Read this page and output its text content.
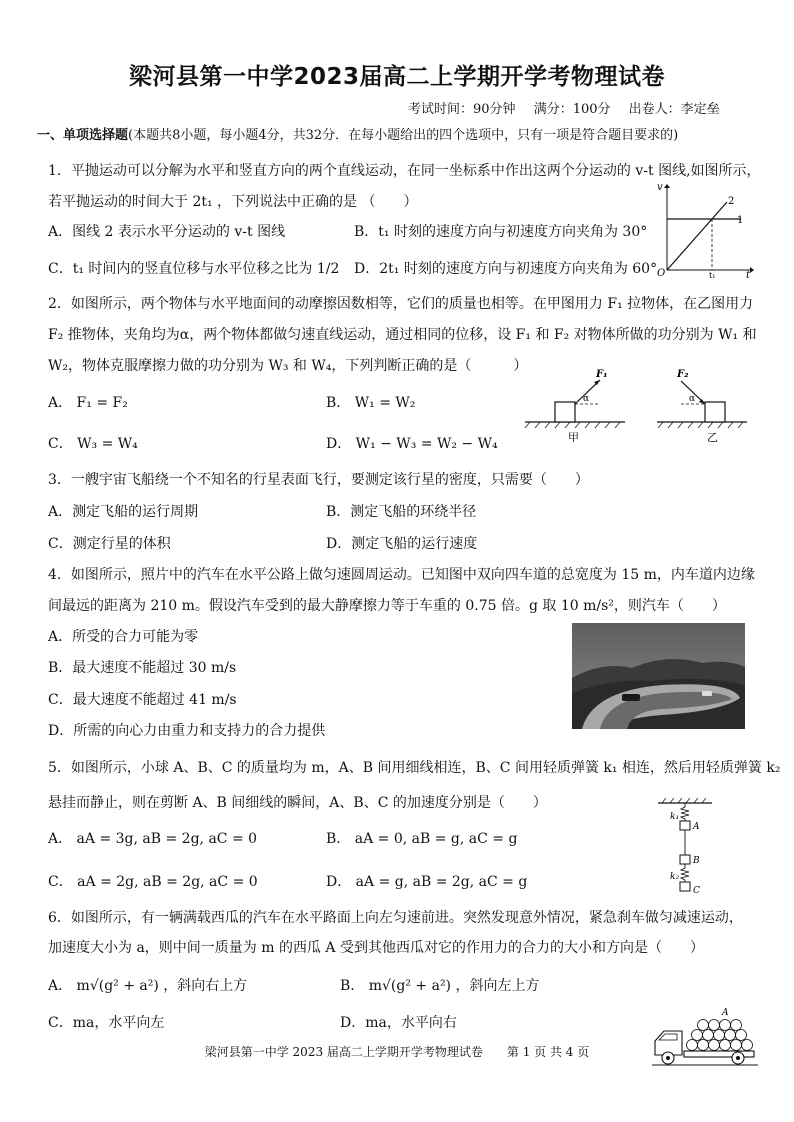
梁河县第一中学2023届高二上学期开学考物理试卷
考试时间：90分钟 满分：100分 出卷人：李定垒
一、单项选择题(本题共8小题，每小题4分，共32分．在每小题给出的四个选项中，只有一项是符合题目要求的)
1．平抛运动可以分解为水平和竖直方向的两个直线运动，在同一坐标系中作出这两个分运动的 v-t 图线,如图所示，
若平抛运动的时间大于 2t₁ ，下列说法中正确的是 （　　）
A．图线 2 表示水平分运动的 v-t 图线	B．t₁ 时刻的速度方向与初速度方向夹角为 30°
C．t₁ 时间内的竖直位移与水平位移之比为 1/2 D．2t₁ 时刻的速度方向与初速度方向夹角为 60°
v
O	t
t₁
1
2
2．如图所示，两个物体与水平地面间的动摩擦因数相等，它们的质量也相等。在甲图用力 F₁ 拉物体，在乙图用力
F₂ 推物体，夹角均为α，两个物体都做匀速直线运动，通过相同的位移，设 F₁ 和 F₂ 对物体所做的功分别为 W₁ 和
W₂，物体克服摩擦力做的功分别为 W₃ 和 W₄，下列判断正确的是（　　　）
A． F₁ = F₂	B． W₁ = W₂
C． W₃ = W₄	D． W₁ − W₃ = W₂ − W₄
F₁
α
甲
F₂
α
乙
3．一艘宇宙飞船绕一个不知名的行星表面飞行，要测定该行星的密度，只需要（　　）
A．测定飞船的运行周期	B．测定飞船的环绕半径
C．测定行星的体积	D．测定飞船的运行速度
4．如图所示，照片中的汽车在水平公路上做匀速圆周运动。已知图中双向四车道的总宽度为 15 m，内车道内边缘
间最远的距离为 210 m。假设汽车受到的最大静摩擦力等于车重的 0.75 倍。g 取 10 m/s²，则汽车（　　）
A．所受的合力可能为零
B．最大速度不能超过 30 m/s
C．最大速度不能超过 41 m/s
D．所需的向心力由重力和支持力的合力提供
5．如图所示，小球 A、B、C 的质量均为 m，A、B 间用细线相连，B、C 间用轻质弹簧 k₁ 相连，然后用轻质弹簧 k₂
悬挂而静止，则在剪断 A、B 间细线的瞬间，A、B、C 的加速度分别是（　　）
A． aA = 3g, aB = 2g, aC = 0	B． aA = 0, aB = g, aC = g
C． aA = 2g, aB = 2g, aC = 0	D． aA = g, aB = 2g, aC = g
k₁
k₂
A
B
C
6．如图所示，有一辆满载西瓜的汽车在水平路面上向左匀速前进。突然发现意外情况，紧急刹车做匀减速运动，
加速度大小为 a，则中间一质量为 m 的西瓜 A 受到其他西瓜对它的作用力的合力的大小和方向是（　　）
A． m√(g² + a²) ，斜向右上方	B． m√(g² + a²) ，斜向左上方
C．ma，水平向左	D．ma，水平向右
A
梁河县第一中学 2023 届高二上学期开学考物理试卷　　第 1 页 共 4 页
